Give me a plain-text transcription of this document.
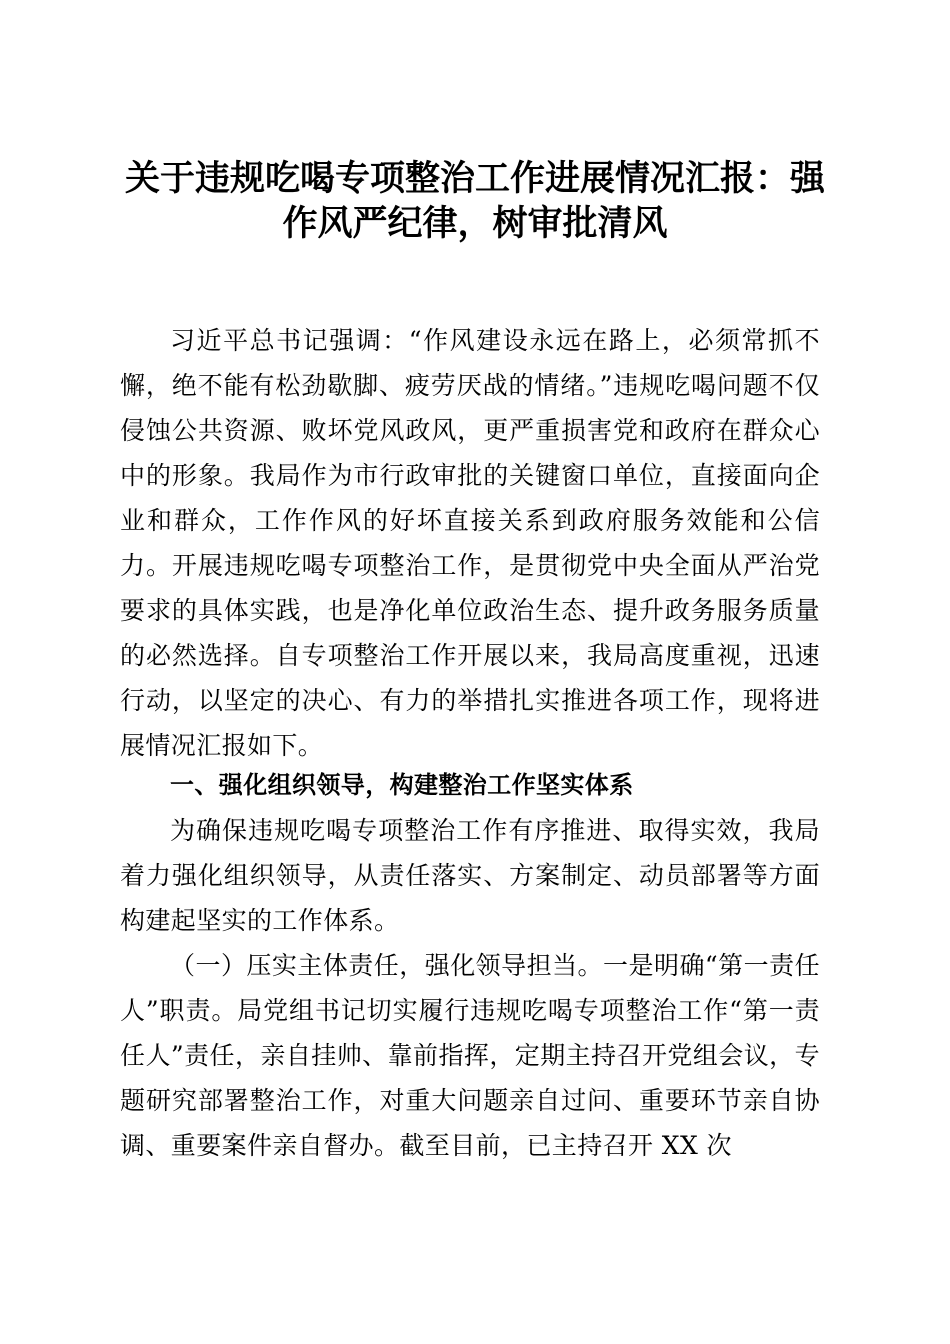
关于违规吃喝专项整治工作进展情况汇报：强作风严纪律，树审批清风

习近平总书记强调：“作风建设永远在路上，必须常抓不懈，绝不能有松劲歇脚、疲劳厌战的情绪。”违规吃喝问题不仅侵蚀公共资源、败坏党风政风，更严重损害党和政府在群众心中的形象。我局作为市行政审批的关键窗口单位，直接面向企业和群众，工作作风的好坏直接关系到政府服务效能和公信力。开展违规吃喝专项整治工作，是贯彻党中央全面从严治党要求的具体实践，也是净化单位政治生态、提升政务服务质量的必然选择。自专项整治工作开展以来，我局高度重视，迅速行动，以坚定的决心、有力的举措扎实推进各项工作，现将进展情况汇报如下。

一、强化组织领导，构建整治工作坚实体系

为确保违规吃喝专项整治工作有序推进、取得实效，我局着力强化组织领导，从责任落实、方案制定、动员部署等方面构建起坚实的工作体系。

（一）压实主体责任，强化领导担当。一是明确“第一责任人”职责。局党组书记切实履行违规吃喝专项整治工作“第一责任人”责任，亲自挂帅、靠前指挥，定期主持召开党组会议，专题研究部署整治工作，对重大问题亲自过问、重要环节亲自协调、重要案件亲自督办。截至目前，已主持召开 XX 次
